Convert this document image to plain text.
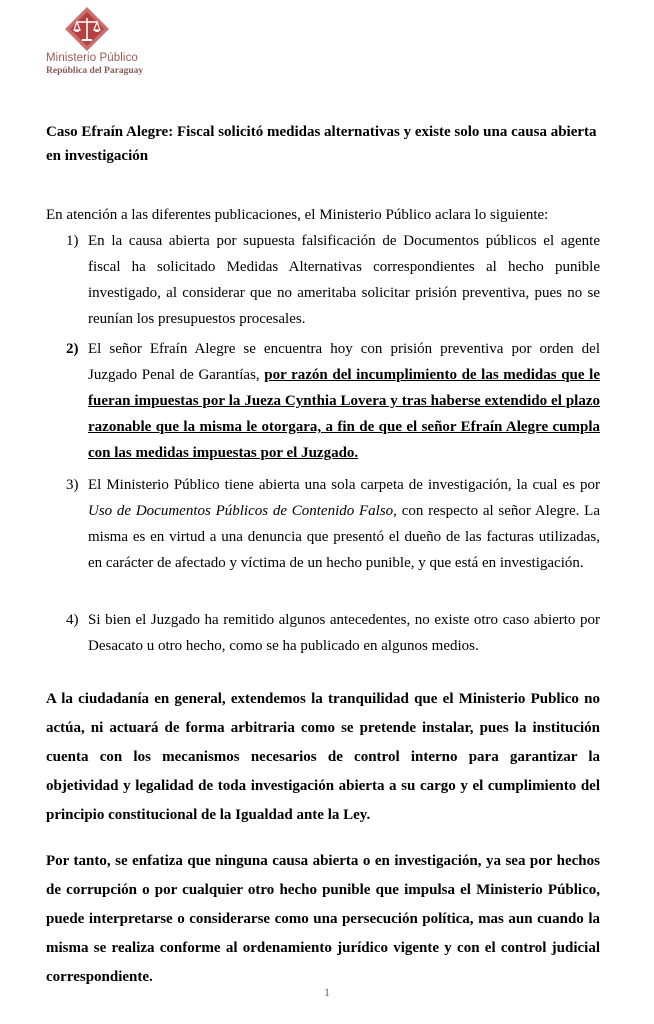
Ministerio Público
República del Paraguay
Caso Efraín Alegre: Fiscal solicitó medidas alternativas y existe solo una causa abierta en investigación
En atención a las diferentes publicaciones, el Ministerio Público aclara lo siguiente:
1) En la causa abierta por supuesta falsificación de Documentos públicos el agente fiscal ha solicitado Medidas Alternativas correspondientes al hecho punible investigado, al considerar que no ameritaba solicitar prisión preventiva, pues no se reunían los presupuestos procesales.
2) El señor Efraín Alegre se encuentra hoy con prisión preventiva por orden del Juzgado Penal de Garantías, por razón del incumplimiento de las medidas que le fueran impuestas por la Jueza Cynthia Lovera y tras haberse extendido el plazo razonable que la misma le otorgara, a fin de que el señor Efraín Alegre cumpla con las medidas impuestas por el Juzgado.
3) El Ministerio Público tiene abierta una sola carpeta de investigación, la cual es por Uso de Documentos Públicos de Contenido Falso, con respecto al señor Alegre. La misma es en virtud a una denuncia que presentó el dueño de las facturas utilizadas, en carácter de afectado y víctima de un hecho punible, y que está en investigación.
4) Si bien el Juzgado ha remitido algunos antecedentes, no existe otro caso abierto por Desacato u otro hecho, como se ha publicado en algunos medios.
A la ciudadanía en general, extendemos la tranquilidad que el Ministerio Publico no actúa, ni actuará de forma arbitraria como se pretende instalar, pues la institución cuenta con los mecanismos necesarios de control interno para garantizar la objetividad y legalidad de toda investigación abierta a su cargo y el cumplimiento del principio constitucional de la Igualdad ante la Ley.
Por tanto, se enfatiza que ninguna causa abierta o en investigación, ya sea por hechos de corrupción o por cualquier otro hecho punible que impulsa el Ministerio Público, puede interpretarse o considerarse como una persecución política, mas aun cuando la misma se realiza conforme al ordenamiento jurídico vigente y con el control judicial correspondiente.
1
